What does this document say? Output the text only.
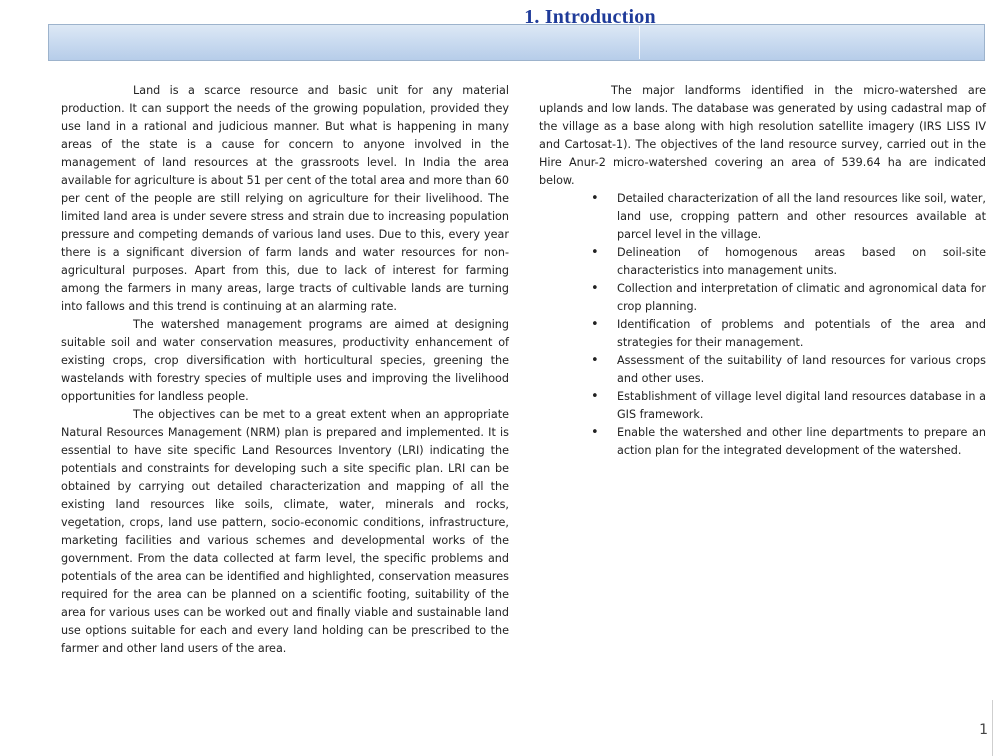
1. Introduction

Land is a scarce resource and basic unit for any material production. It can support the needs of the growing population, provided they use land in a rational and judicious manner. But what is happening in many areas of the state is a cause for concern to anyone involved in the management of land resources at the grassroots level. In India the area available for agriculture is about 51 per cent of the total area and more than 60 per cent of the people are still relying on agriculture for their livelihood. The limited land area is under severe stress and strain due to increasing population pressure and competing demands of various land uses. Due to this, every year there is a significant diversion of farm lands and water resources for non-agricultural purposes. Apart from this, due to lack of interest for farming among the farmers in many areas, large tracts of cultivable lands are turning into fallows and this trend is continuing at an alarming rate.

The watershed management programs are aimed at designing suitable soil and water conservation measures, productivity enhancement of existing crops, crop diversification with horticultural species, greening the wastelands with forestry species of multiple uses and improving the livelihood opportunities for landless people.

The objectives can be met to a great extent when an appropriate Natural Resources Management (NRM) plan is prepared and implemented. It is essential to have site specific Land Resources Inventory (LRI) indicating the potentials and constraints for developing such a site specific plan. LRI can be obtained by carrying out detailed characterization and mapping of all the existing land resources like soils, climate, water, minerals and rocks, vegetation, crops, land use pattern, socio-economic conditions, infrastructure, marketing facilities and various schemes and developmental works of the government. From the data collected at farm level, the specific problems and potentials of the area can be identified and highlighted, conservation measures required for the area can be planned on a scientific footing, suitability of the area for various uses can be worked out and finally viable and sustainable land use options suitable for each and every land holding can be prescribed to the farmer and other land users of the area.

The major landforms identified in the micro-watershed are uplands and low lands. The database was generated by using cadastral map of the village as a base along with high resolution satellite imagery (IRS LISS IV and Cartosat-1). The objectives of the land resource survey, carried out in the Hire Anur-2 micro-watershed covering an area of 539.64 ha are indicated below.

• Detailed characterization of all the land resources like soil, water, land use, cropping pattern and other resources available at parcel level in the village.
• Delineation of homogenous areas based on soil-site characteristics into management units.
• Collection and interpretation of climatic and agronomical data for crop planning.
• Identification of problems and potentials of the area and strategies for their management.
• Assessment of the suitability of land resources for various crops and other uses.
• Establishment of village level digital land resources database in a GIS framework.
• Enable the watershed and other line departments to prepare an action plan for the integrated development of the watershed.
1
